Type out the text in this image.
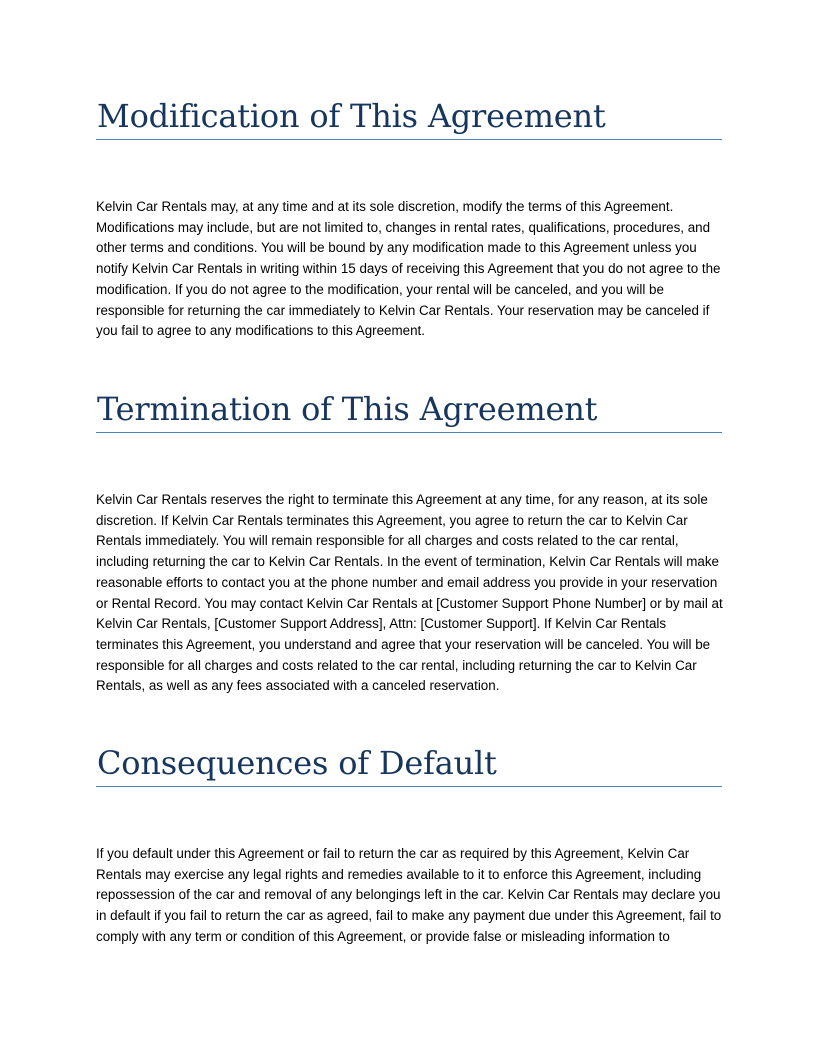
Modification of This Agreement

Kelvin Car Rentals may, at any time and at its sole discretion, modify the terms of this Agreement. Modifications may include, but are not limited to, changes in rental rates, qualifications, procedures, and other terms and conditions. You will be bound by any modification made to this Agreement unless you notify Kelvin Car Rentals in writing within 15 days of receiving this Agreement that you do not agree to the modification. If you do not agree to the modification, your rental will be canceled, and you will be responsible for returning the car immediately to Kelvin Car Rentals. Your reservation may be canceled if you fail to agree to any modifications to this Agreement.

Termination of This Agreement

Kelvin Car Rentals reserves the right to terminate this Agreement at any time, for any reason, at its sole discretion. If Kelvin Car Rentals terminates this Agreement, you agree to return the car to Kelvin Car Rentals immediately. You will remain responsible for all charges and costs related to the car rental, including returning the car to Kelvin Car Rentals. In the event of termination, Kelvin Car Rentals will make reasonable efforts to contact you at the phone number and email address you provide in your reservation or Rental Record. You may contact Kelvin Car Rentals at [Customer Support Phone Number] or by mail at Kelvin Car Rentals, [Customer Support Address], Attn: [Customer Support]. If Kelvin Car Rentals terminates this Agreement, you understand and agree that your reservation will be canceled. You will be responsible for all charges and costs related to the car rental, including returning the car to Kelvin Car Rentals, as well as any fees associated with a canceled reservation.

Consequences of Default

If you default under this Agreement or fail to return the car as required by this Agreement, Kelvin Car Rentals may exercise any legal rights and remedies available to it to enforce this Agreement, including repossession of the car and removal of any belongings left in the car. Kelvin Car Rentals may declare you in default if you fail to return the car as agreed, fail to make any payment due under this Agreement, fail to comply with any term or condition of this Agreement, or provide false or misleading information to
